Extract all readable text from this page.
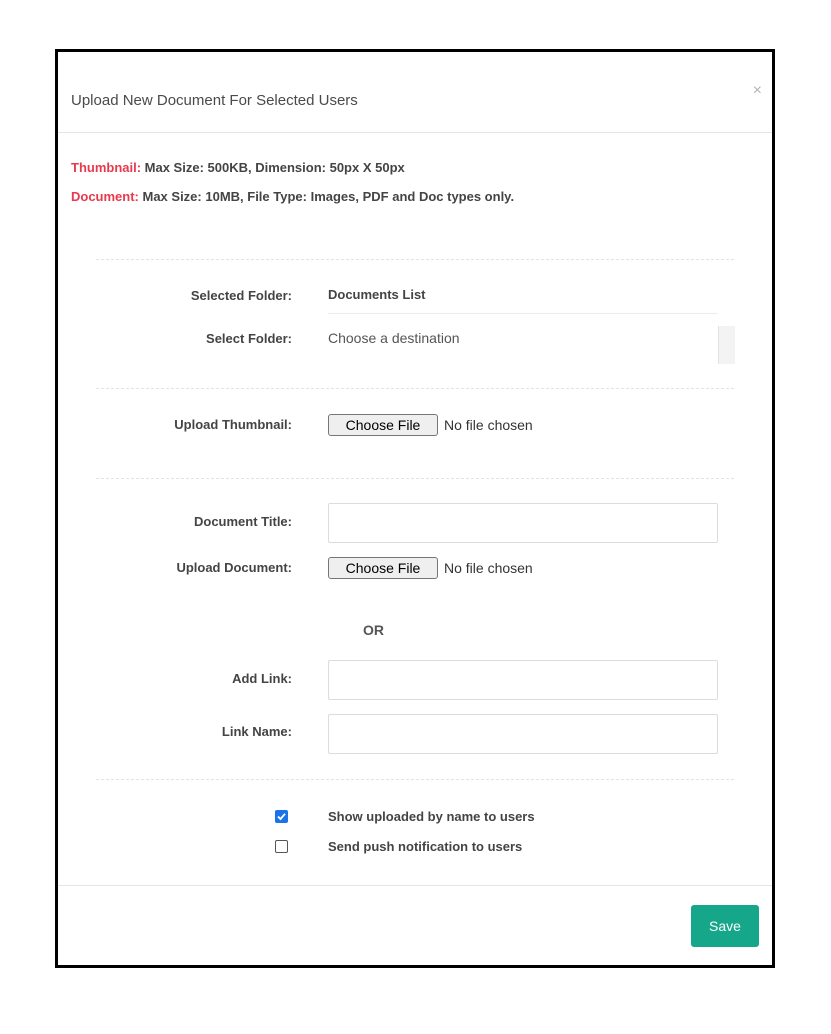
Upload New Document For Selected Users
×
Thumbnail: Max Size: 500KB, Dimension: 50px X 50px
Document: Max Size: 10MB, File Type: Images, PDF and Doc types only.
Selected Folder:	Documents List
Select Folder:	Choose a destination
Upload Thumbnail:	Choose File	No file chosen
Document Title:
Upload Document:	Choose File	No file chosen
OR
Add Link:
Link Name:
Show uploaded by name to users
Send push notification to users
Save
